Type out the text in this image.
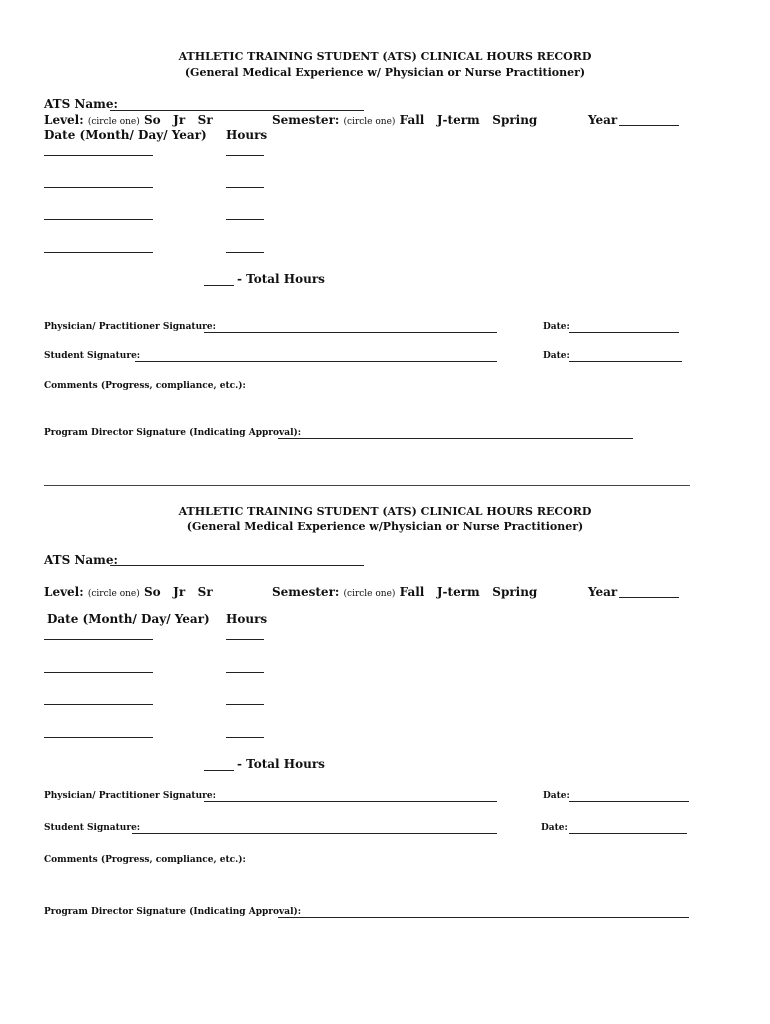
ATHLETIC TRAINING STUDENT (ATS) CLINICAL HOURS RECORD
(General Medical Experience w/ Physician or Nurse Practitioner)
ATS Name:
Level: (circle one) So   Jr   Sr	Semester: (circle one) Fall   J-term   Spring	Year
Date (Month/ Day/ Year) Hours
- Total Hours
Physician/ Practitioner Signature:	Date:
Student Signature:	Date:
Comments (Progress, compliance, etc.):
Program Director Signature (Indicating Approval):
ATHLETIC TRAINING STUDENT (ATS) CLINICAL HOURS RECORD
(General Medical Experience w/Physician or Nurse Practitioner)
ATS Name:
Level: (circle one) So   Jr   Sr	Semester: (circle one) Fall   J-term   Spring	Year
Date (Month/ Day/ Year) Hours
- Total Hours
Physician/ Practitioner Signature:	Date:
Student Signature:	Date:
Comments (Progress, compliance, etc.):
Program Director Signature (Indicating Approval):
